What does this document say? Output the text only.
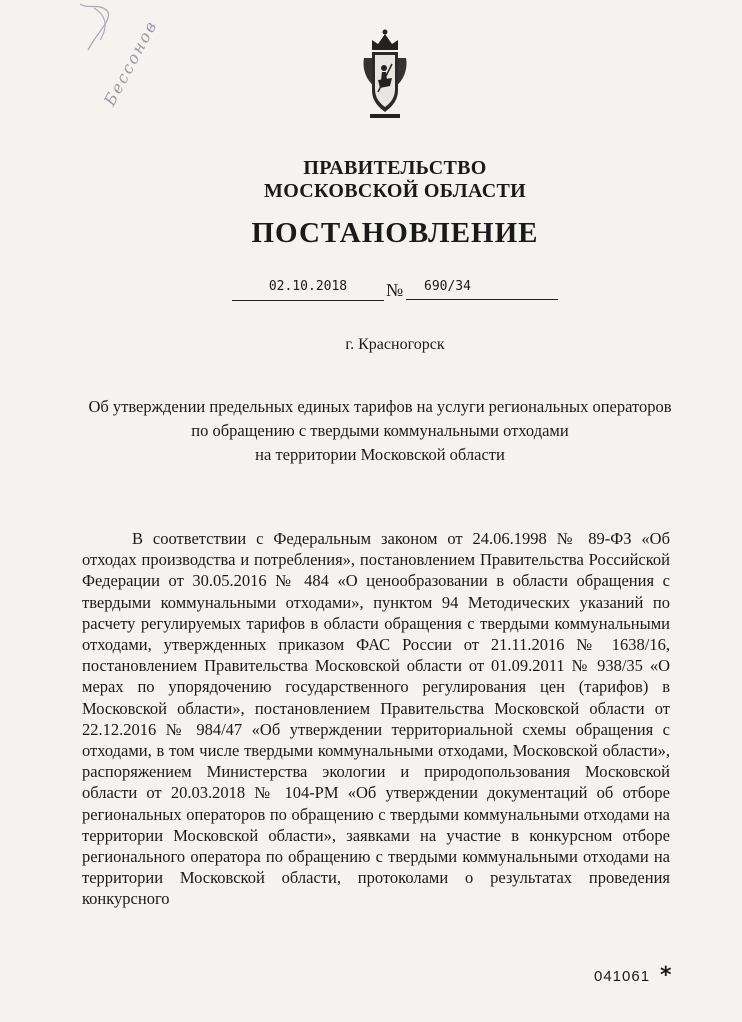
Бессонов
ПРАВИТЕЛЬСТВО
МОСКОВСКОЙ ОБЛАСТИ
ПОСТАНОВЛЕНИЕ
02.10.2018	№	690/34
г. Красногорск
Об утверждении предельных единых тарифов на услуги региональных операторов
по обращению с твердыми коммунальными отходами
на территории Московской области

В соответствии с Федеральным законом от 24.06.1998 № 89-ФЗ «Об отходах производства и потребления», постановлением Правительства Российской Федерации от 30.05.2016 № 484 «О ценообразовании в области обращения с твердыми коммунальными отходами», пунктом 94 Методических указаний по расчету регулируемых тарифов в области обращения с твердыми коммунальными отходами, утвержденных приказом ФАС России от 21.11.2016 № 1638/16, постановлением Правительства Московской области от 01.09.2011 № 938/35 «О мерах по упорядочению государственного регулирования цен (тарифов) в Московской области», постановлением Правительства Московской области от 22.12.2016 № 984/47 «Об утверждении территориальной схемы обращения с отходами, в том числе твердыми коммунальными отходами, Московской области», распоряжением Министерства экологии и природопользования Московской области от 20.03.2018 № 104-РМ «Об утверждении документаций об отборе региональных операторов по обращению с твердыми коммунальными отходами на территории Московской области», заявками на участие в конкурсном отборе регионального оператора по обращению с твердыми коммунальными отходами на территории Московской области, протоколами о результатах проведения конкурсного

041061 *
